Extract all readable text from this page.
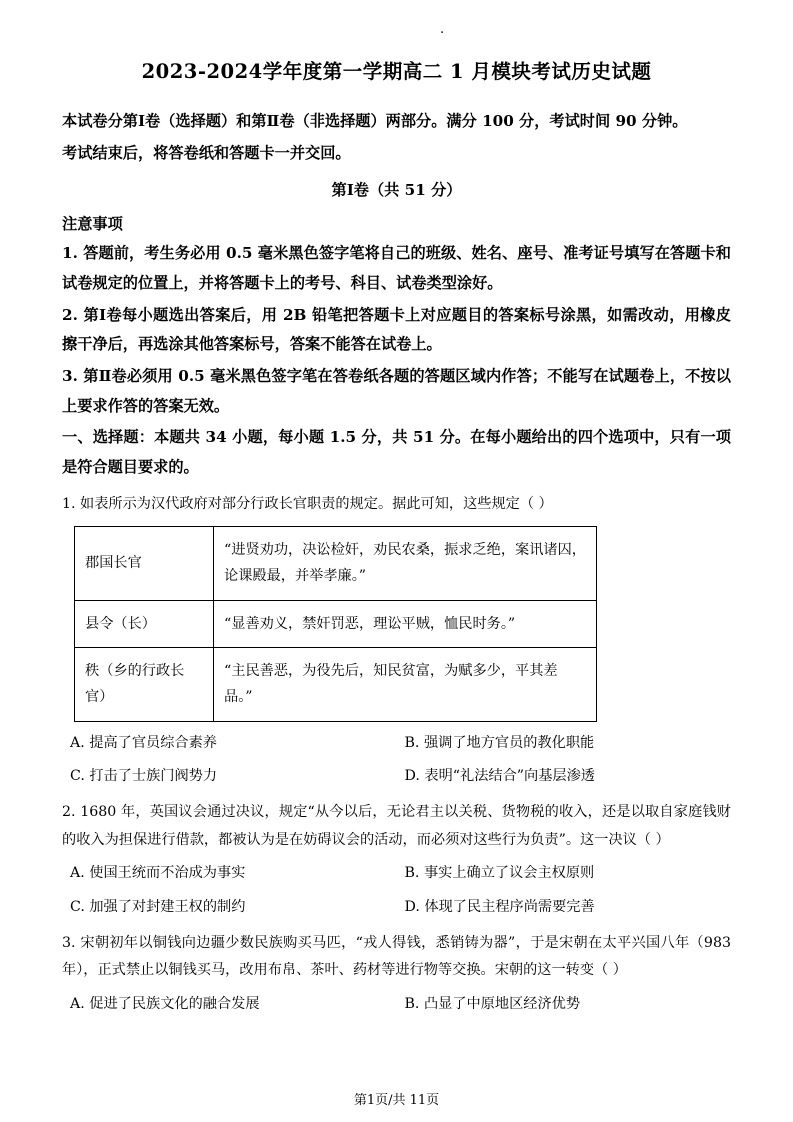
.
2023-2024学年度第一学期高二 1 月模块考试历史试题
本试卷分第Ⅰ卷（选择题）和第Ⅱ卷（非选择题）两部分。满分 100 分，考试时间 90 分钟。
考试结束后，将答卷纸和答题卡一并交回。
第Ⅰ卷（共 51 分）
注意事项
1. 答题前，考生务必用 0.5 毫米黑色签字笔将自己的班级、姓名、座号、准考证号填写在答题卡和试卷规定的位置上，并将答题卡上的考号、科目、试卷类型涂好。
2. 第Ⅰ卷每小题选出答案后，用 2B 铅笔把答题卡上对应题目的答案标号涂黑，如需改动，用橡皮擦干净后，再选涂其他答案标号，答案不能答在试卷上。
3. 第Ⅱ卷必须用 0.5 毫米黑色签字笔在答卷纸各题的答题区域内作答；不能写在试题卷上，不按以上要求作答的答案无效。
一、选择题：本题共 34 小题，每小题 1.5 分，共 51 分。在每小题给出的四个选项中，只有一项是符合题目要求的。
1. 如表所示为汉代政府对部分行政长官职责的规定。据此可知，这些规定（ ）
郡国长官	“进贤劝功，决讼检奸，劝民农桑，振求乏绝，案讯诸囚，论课殿最，并举孝廉。”
县令（长）	“显善劝义，禁奸罚恶，理讼平贼，恤民时务。”
秩（乡的行政长官）	“主民善恶，为役先后，知民贫富，为赋多少，平其差品。”
A. 提高了官员综合素养	B. 强调了地方官员的教化职能
C. 打击了士族门阀势力	D. 表明“礼法结合”向基层渗透
2. 1680 年，英国议会通过决议，规定“从今以后，无论君主以关税、货物税的收入，还是以取自家庭钱财的收入为担保进行借款，都被认为是在妨碍议会的活动，而必须对这些行为负责”。这一决议（ ）
A. 使国王统而不治成为事实	B. 事实上确立了议会主权原则
C. 加强了对封建王权的制约	D. 体现了民主程序尚需要完善
3. 宋朝初年以铜钱向边疆少数民族购买马匹，“戎人得钱，悉销铸为器”，于是宋朝在太平兴国八年（983 年），正式禁止以铜钱买马，改用布帛、茶叶、药材等进行物等交换。宋朝的这一转变（ ）
A. 促进了民族文化的融合发展	B. 凸显了中原地区经济优势
第1页/共 11页
